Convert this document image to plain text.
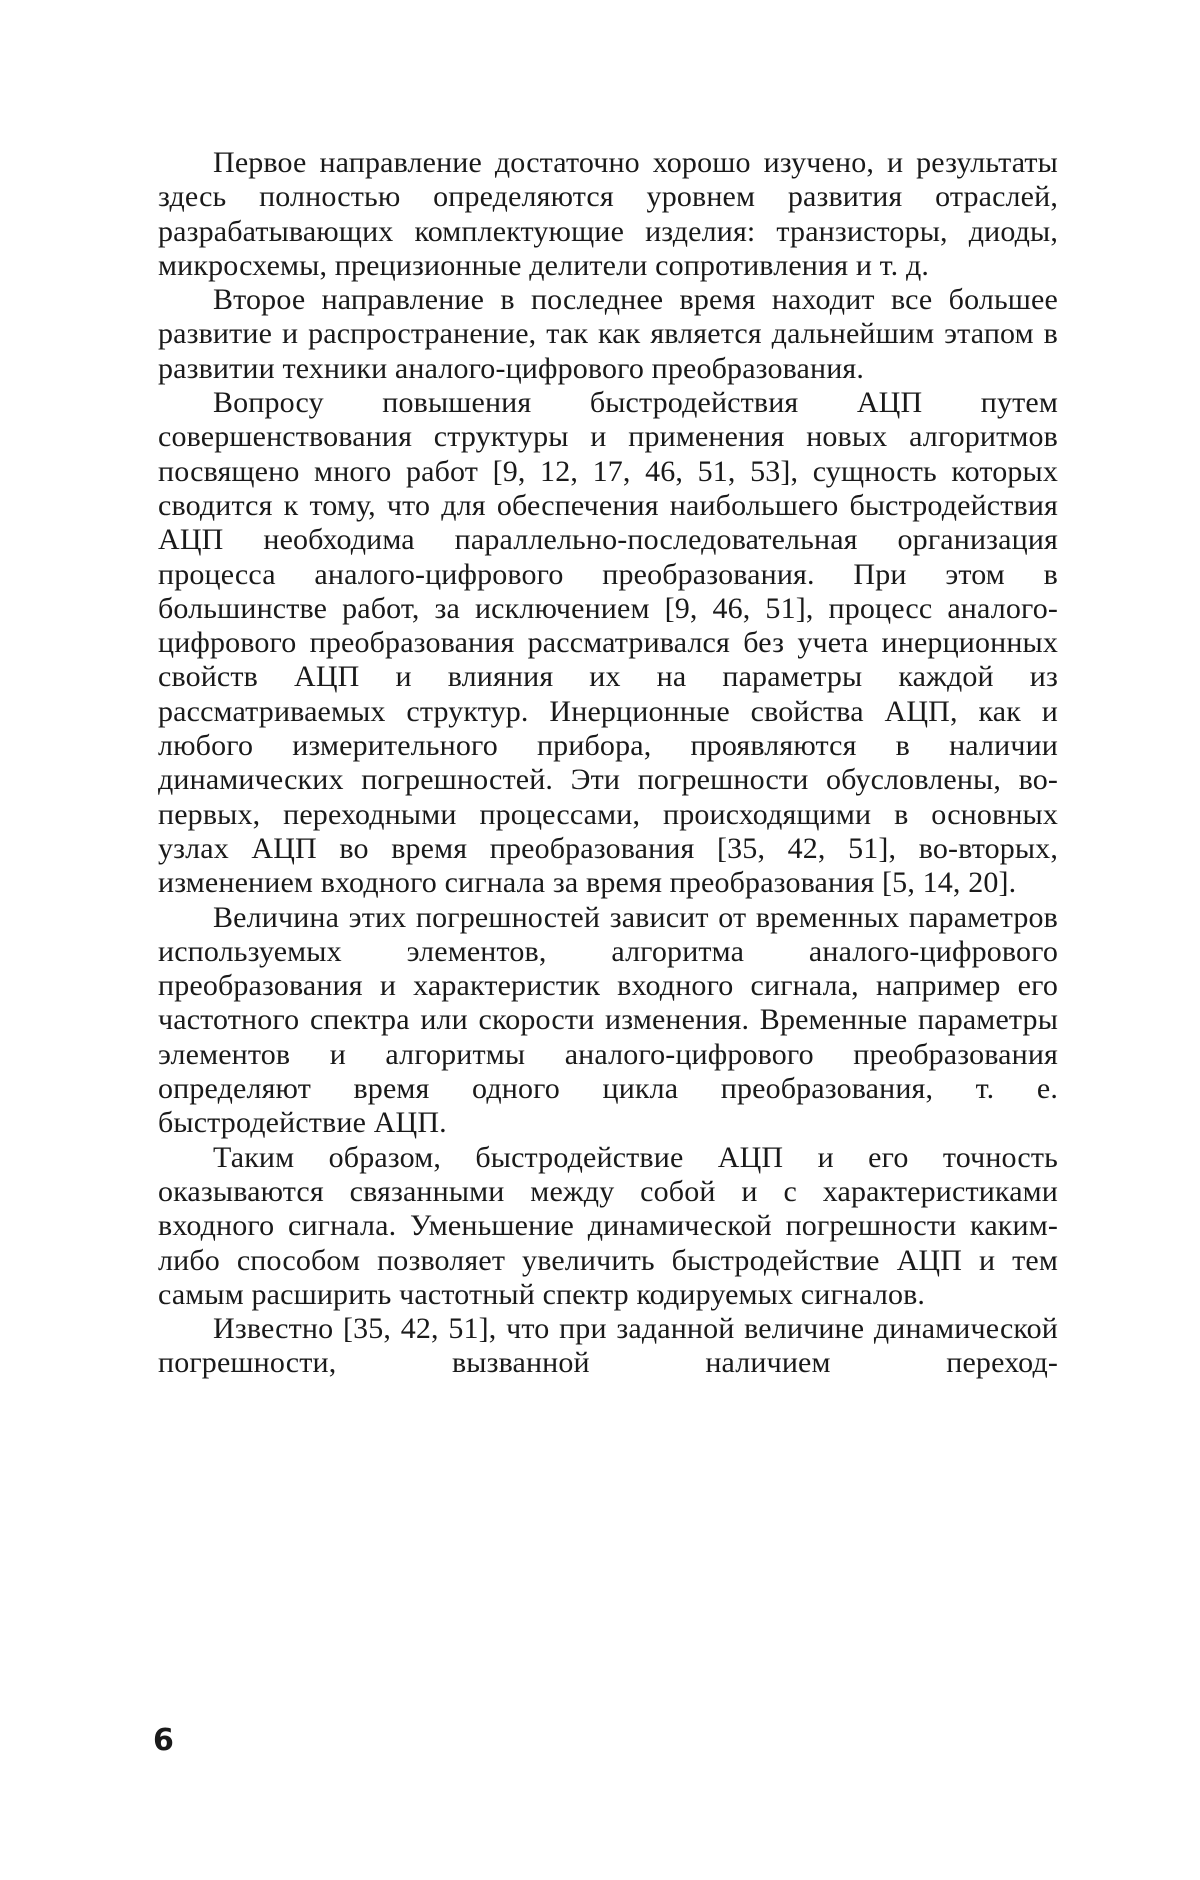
Первое направление достаточно хорошо изучено, и результаты здесь полностью определяются уровнем развития отраслей, разрабатывающих комплектующие изделия: транзисторы, диоды, микросхемы, прецизионные делители сопротивления и т. д.

Второе направление в последнее время находит все большее развитие и распространение, так как является дальнейшим этапом в развитии техники аналого-цифрового преобразования.

Вопросу повышения быстродействия АЦП путем совершенствования структуры и применения новых алгоритмов посвящено много работ [9, 12, 17, 46, 51, 53], сущность которых сводится к тому, что для обеспечения наибольшего быстродействия АЦП необходима параллельно-последовательная организация процесса аналого-цифрового преобразования. При этом в большинстве работ, за исключением [9, 46, 51], процесс аналого-цифрового преобразования рассматривался без учета инерционных свойств АЦП и влияния их на параметры каждой из рассматриваемых структур. Инерционные свойства АЦП, как и любого измерительного прибора, проявляются в наличии динамических погрешностей. Эти погрешности обусловлены, во-первых, переходными процессами, происходящими в основных узлах АЦП во время преобразования [35, 42, 51], во-вторых, изменением входного сигнала за время преобразования [5, 14, 20].

Величина этих погрешностей зависит от временных параметров используемых элементов, алгоритма аналого-цифрового преобразования и характеристик входного сигнала, например его частотного спектра или скорости изменения. Временные параметры элементов и алгоритмы аналого-цифрового преобразования определяют время одного цикла преобразования, т. е. быстродействие АЦП.

Таким образом, быстродействие АЦП и его точность оказываются связанными между собой и с характеристиками входного сигнала. Уменьшение динамической погрешности каким-либо способом позволяет увеличить быстродействие АЦП и тем самым расширить частотный спектр кодируемых сигналов.

Известно [35, 42, 51], что при заданной величине динамической погрешности, вызванной наличием переход-

6
